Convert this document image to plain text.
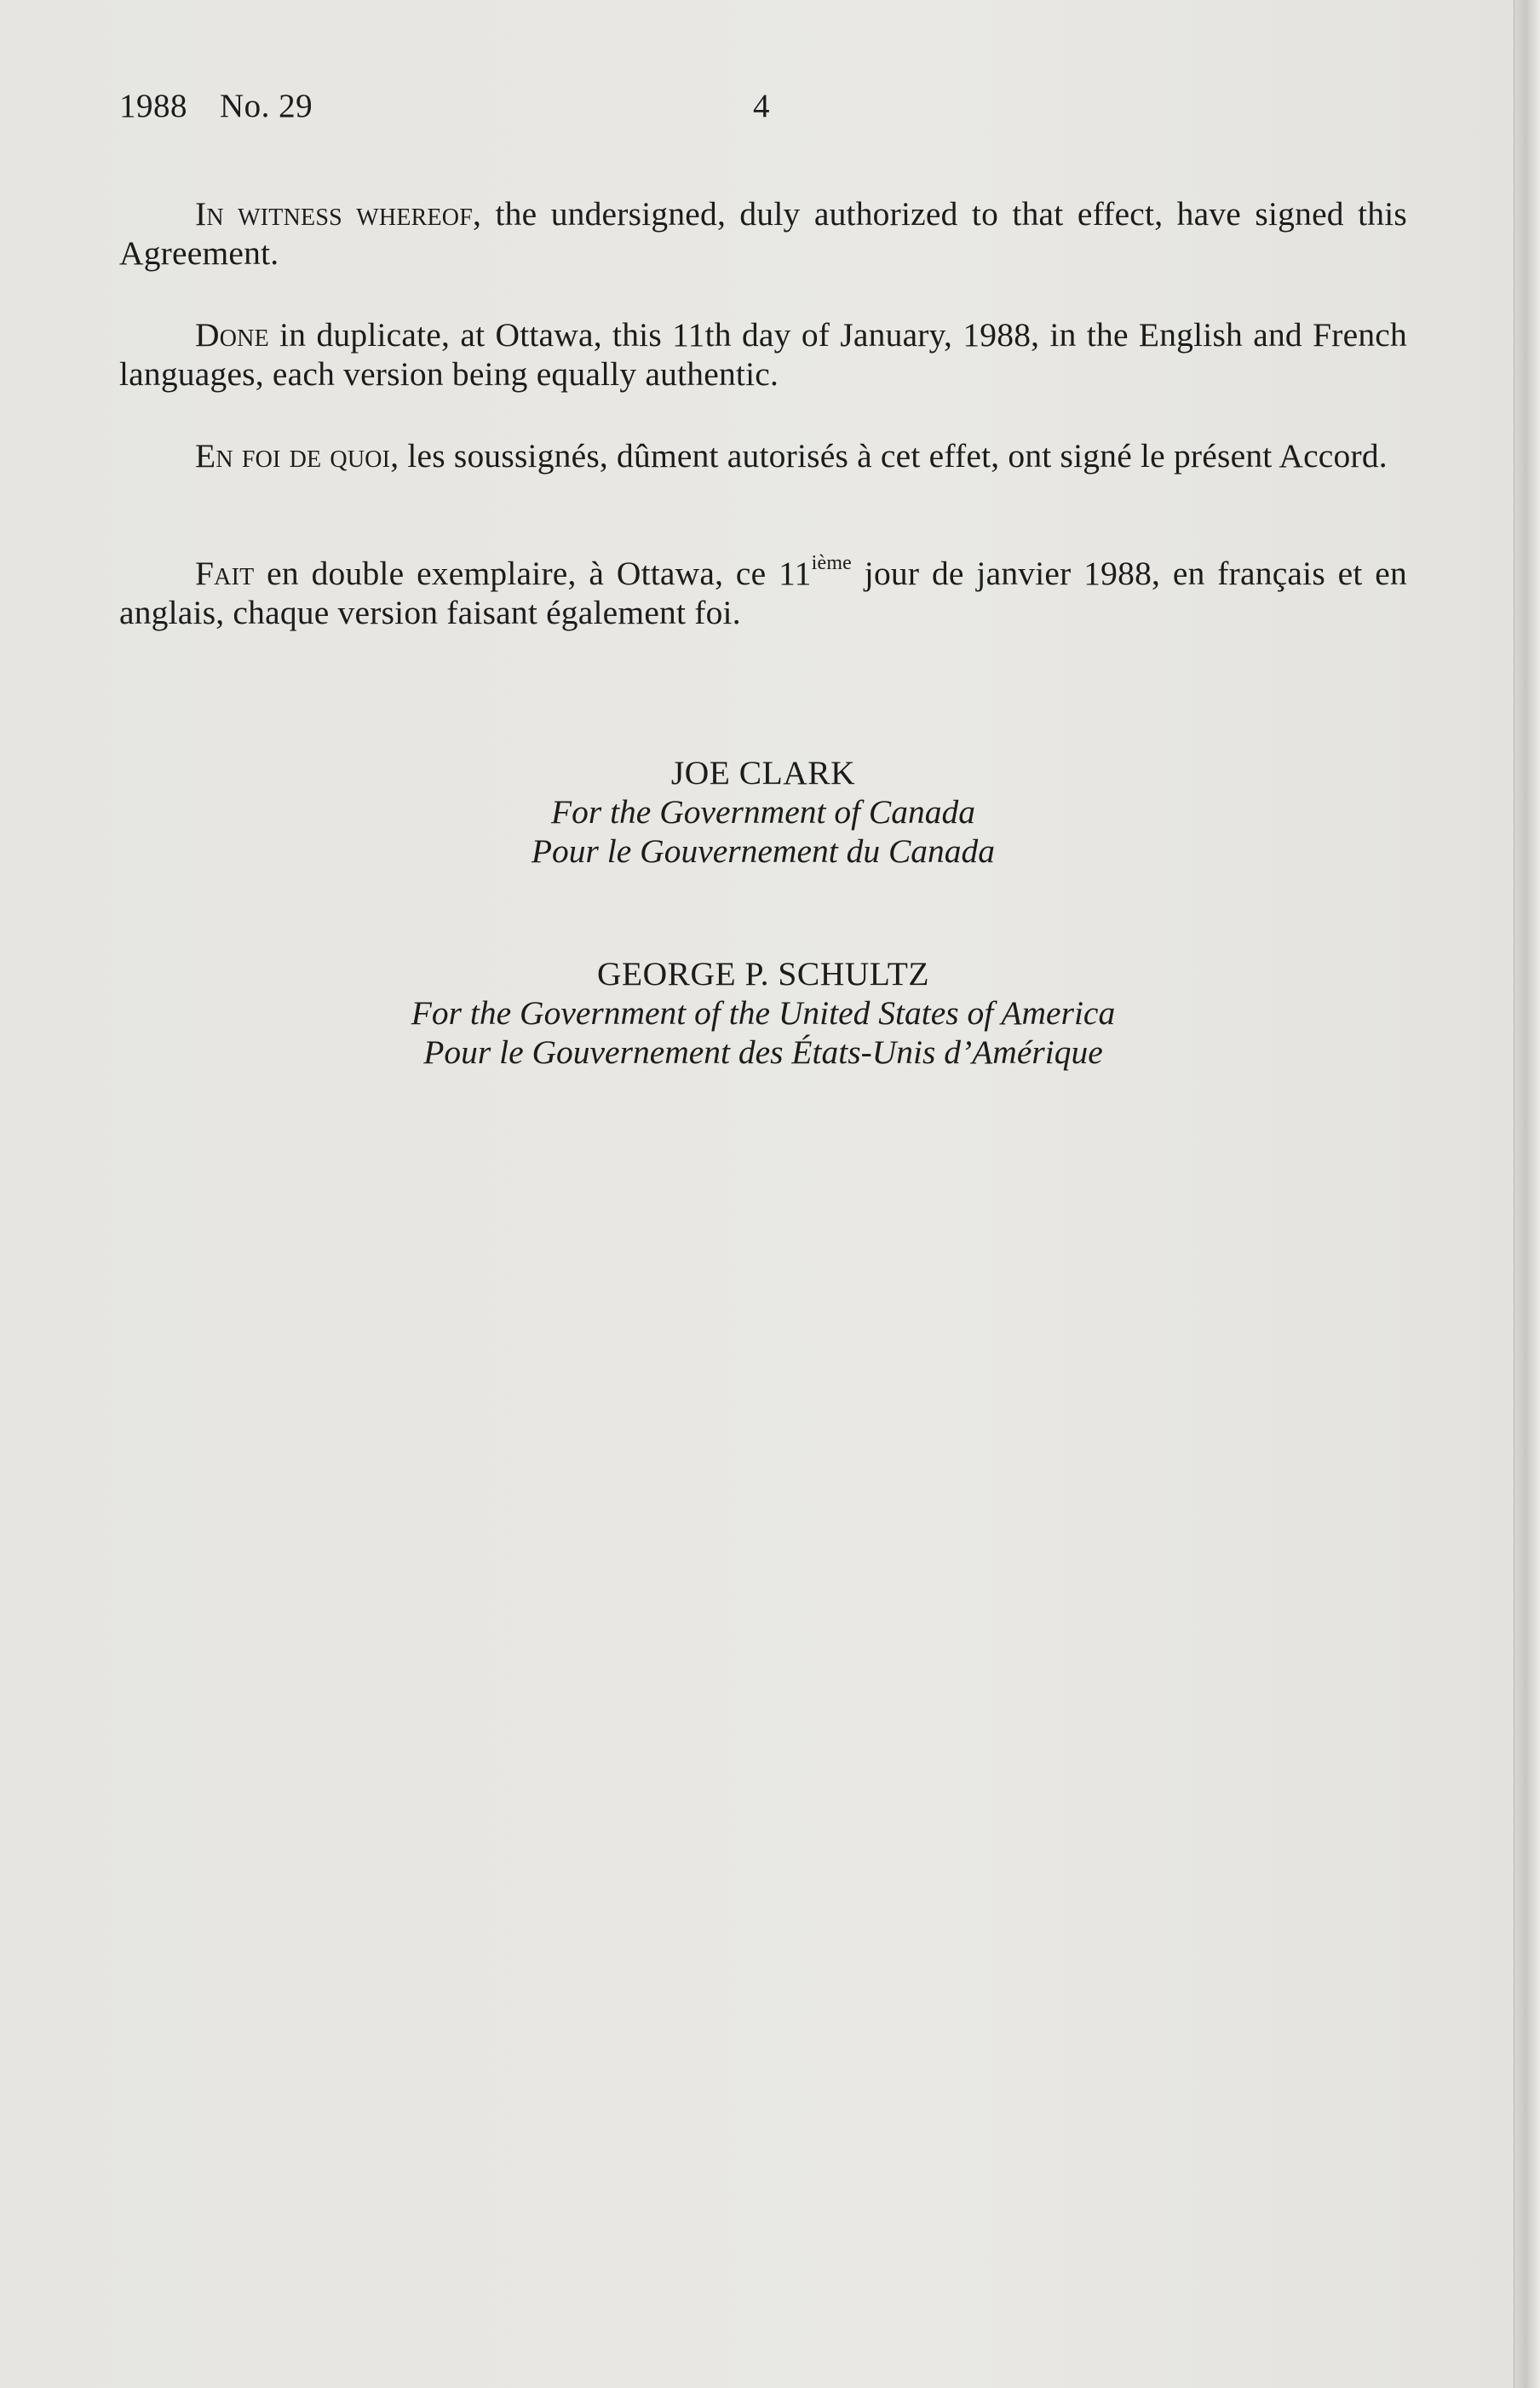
1988 No. 29	4
In witness whereof, the undersigned, duly authorized to that effect, have signed this Agreement.
Done in duplicate, at Ottawa, this 11th day of January, 1988, in the English and French languages, each version being equally authentic.
En foi de quoi, les soussignés, dûment autorisés à cet effet, ont signé le présent Accord.
Fait en double exemplaire, à Ottawa, ce 11ième jour de janvier 1988, en français et en anglais, chaque version faisant également foi.
JOE CLARK
For the Government of Canada
Pour le Gouvernement du Canada
GEORGE P. SCHULTZ
For the Government of the United States of America
Pour le Gouvernement des États-Unis d’Amérique
